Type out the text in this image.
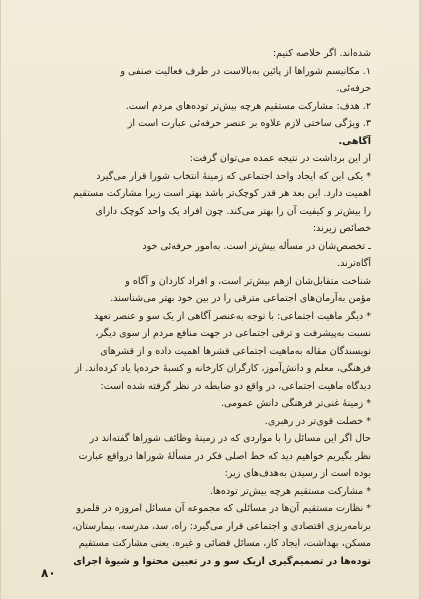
شده‌اند. اگر خلاصه کنیم:
۱. مکانیسم شوراها از پائین به‌بالاست در طرف فعالیت صنفی و
حرفه‌ئی.
۲. هدف: مشارکت مستقیم هرچه بیش‌تر توده‌های مردم است.
۳. ویژگی ساختی لازم علاوه بر عنصر حرفه‌ئی عبارت است از
آگاهی.
از این برداشت در نتیجه عمده می‌توان گرفت:
* یکی این که ایجاد واحد اجتماعی که زمینهٔ انتخاب شورا قرار می‌گیرد
اهمیت دارد. این بعد هر قدر کوچک‌تر باشد بهتر است زیرا مشارکت مستقیم
را بیش‌تر و کیفیت آن را بهتر می‌کند. چون افراد یک واحد کوچک دارای
خصائص زیرند:
ـ تخصص‌شان در مسأله بیش‌تر است. به‌امور حرفه‌ئی خود
آگاه‌ترند.
شناخت متقابل‌شان ازهم بیش‌تر است، و افراد کاردان و آگاه و
مؤمن به‌آرمان‌های اجتماعی مترقی را در بین خود بهتر می‌شناسند.
* دیگر ماهیت اجتماعی: با توجه به‌عنصر آگاهی از یک سو و عنصر تعهد
نسبت به‌پیشرفت و ترقی اجتماعی در جهت منافع مردم از سوی دیگر،
نویسندگان مقاله به‌ماهیت اجتماعی قشرها اهمیت داده و از قشرهای
فرهنگی، معلم و دانش‌آموز، کارگران کارخانه و کسبهٔ خرده‌پا یاد کرده‌اند. از
دیدگاه ماهیت اجتماعی، در واقع دو ضابطه در نظر گرفته شده است:
* زمینهٔ غنی‌تر فرهنگی دانش عمومی.
* خصلت قوی‌تر در رهبری.
حال اگر این مسائل را با مواردی که در زمینهٔ وظائف شوراها گفته‌اند در
نظر بگیریم خواهیم دید که خط اصلی فکر در مسألهٔ شوراها درواقع عبارت
بوده است از رسیدن به‌هدف‌های زیر:
* مشارکت مستقیم هرچه بیش‌تر توده‌ها.
* نظارت مستقیم آن‌ها در مسائلی که مجموعه آن مسائل امروزه در قلمرو
برنامه‌ریزی اقتصادی و اجتماعی قرار می‌گیرد: راه، سد، مدرسه، بیمارستان،
مسکن، بهداشت، ایجاد کار، مسائل قضائی و غیره. یعنی مشارکت مستقیم
توده‌ها در تصمیم‌گیری ازیک سو و در تعیین محتوا و شیوهٔ اجرای
۸۰
